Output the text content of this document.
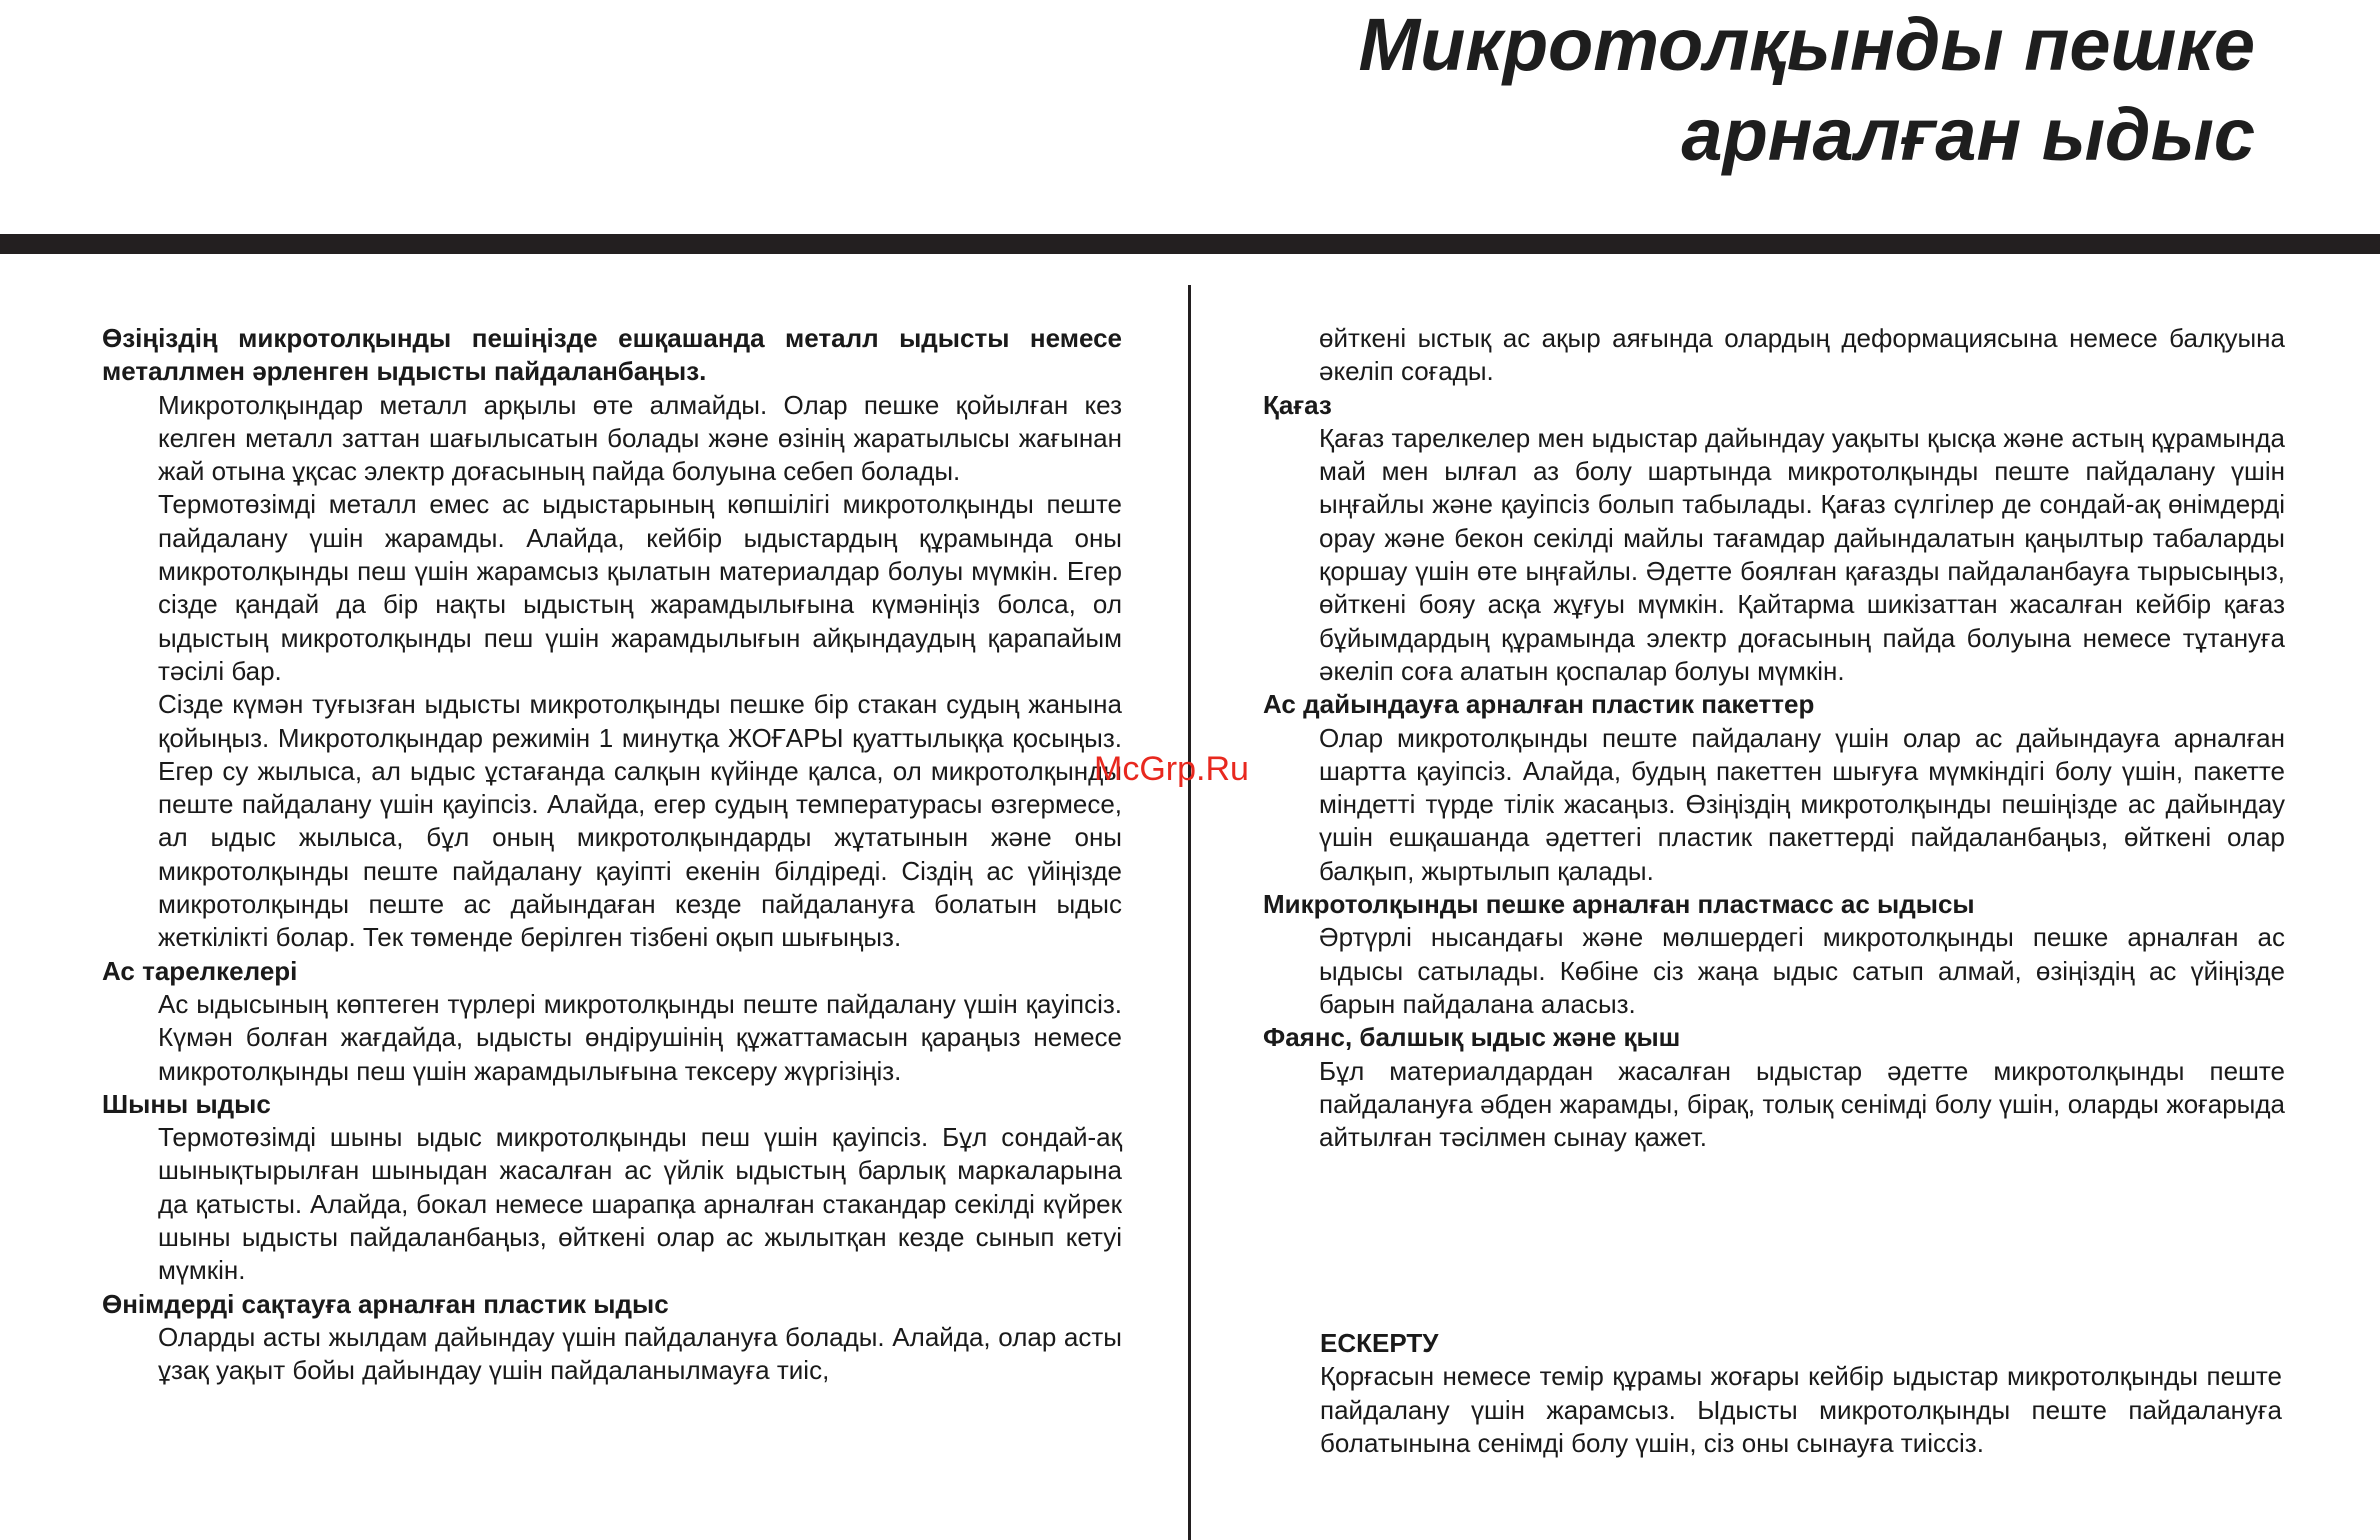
Микротолқынды пешке
арналған ыдыс
Өзіңіздің микротолқынды пешіңізде ешқашанда металл ыдысты немесе металлмен әрленген ыдысты пайдаланбаңыз.

Микротолқындар металл арқылы өте алмайды. Олар пешке қойылған кез келген металл заттан шағылысатын болады және өзінің жаратылысы жағынан жай отына ұқсас электр доғасының пайда болуына себеп болады.

Термотөзімді металл емес ас ыдыстарының көпшілігі микротолқынды пеште пайдалану үшін жарамды. Алайда, кейбір ыдыстардың құрамында оны микротолқынды пеш үшін жарамсыз қылатын материалдар болуы мүмкін. Егер сізде қандай да бір нақты ыдыстың жарамдылығына күмәніңіз болса, ол ыдыстың микротолқынды пеш үшін жарамдылығын айқындаудың қарапайым тәсілі бар.

Сізде күмән туғызған ыдысты микротолқынды пешке бір стакан судың жанына қойыңыз. Микротолқындар режимін 1 минутқа ЖОҒАРЫ қуаттылыққа қосыңыз. Егер су жылыса, ал ыдыс ұстағанда салқын күйінде қалса, ол микротолқынды пеште пайдалану үшін қауіпсіз. Алайда, егер судың температурасы өзгермесе, ал ыдыс жылыса, бұл оның микротолқындарды жұтатынын және оны микротолқынды пеште пайдалану қауіпті екенін білдіреді. Сіздің ас үйіңізде микротолқынды пеште ас дайындаған кезде пайдалануға болатын ыдыс жеткілікті болар. Тек төменде берілген тізбені оқып шығыңыз.

Ас тарелкелері

Ас ыдысының көптеген түрлері микротолқынды пеште пайдалану үшін қауіпсіз. Күмән болған жағдайда, ыдысты өндірушінің құжаттамасын қараңыз немесе микротолқынды пеш үшін жарамдылығына тексеру жүргізіңіз.

Шыны ыдыс

Термотөзімді шыны ыдыс микротолқынды пеш үшін қауіпсіз. Бұл сондай-ақ шынықтырылған шыныдан жасалған ас үйлік ыдыстың барлық маркаларына да қатысты. Алайда, бокал немесе шарапқа арналған стакандар секілді күйрек шыны ыдысты пайдаланбаңыз, өйткені олар ас жылытқан кезде сынып кетуі мүмкін.

Өнімдерді сақтауға арналған пластик ыдыс

Оларды асты жылдам дайындау үшін пайдалануға болады. Алайда, олар асты ұзақ уақыт бойы дайындау үшін пайдаланылмауға тиіс,

өйткені ыстық ас ақыр аяғында олардың деформациясына немесе балқуына әкеліп соғады.

Қағаз

Қағаз тарелкелер мен ыдыстар дайындау уақыты қысқа және астың құрамында май мен ылғал аз болу шартында микротолқынды пеште пайдалану үшін ыңғайлы және қауіпсіз болып табылады. Қағаз сүлгілер де сондай-ақ өнімдерді орау және бекон секілді майлы тағамдар дайындалатын қаңылтыр табаларды қоршау үшін өте ыңғайлы. Әдетте боялған қағазды пайдаланбауға тырысыңыз, өйткені бояу асқа жұғуы мүмкін. Қайтарма шикізаттан жасалған кейбір қағаз бұйымдардың құрамында электр доғасының пайда болуына немесе тұтануға әкеліп соға алатын қоспалар болуы мүмкін.

Ас дайындауға арналған пластик пакеттер

Олар микротолқынды пеште пайдалану үшін олар ас дайындауға арналған шартта қауіпсіз. Алайда, будың пакеттен шығуға мүмкіндігі болу үшін, пакетте міндетті түрде тілік жасаңыз. Өзіңіздің микротолқынды пешіңізде ас дайындау үшін ешқашанда әдеттегі пластик пакеттерді пайдаланбаңыз, өйткені олар балқып, жыртылып қалады.

Микротолқынды пешке арналған пластмасс ас ыдысы

Әртүрлі нысандағы және мөлшердегі микротолқынды пешке арналған ас ыдысы сатылады. Көбіне сіз жаңа ыдыс сатып алмай, өзіңіздің ас үйіңізде барын пайдалана аласыз.

Фаянс, балшық ыдыс және қыш

Бұл материалдардан жасалған ыдыстар әдетте микротолқынды пеште пайдалануға әбден жарамды, бірақ, толық сенімді болу үшін, оларды жоғарыда айтылған тәсілмен сынау қажет.

ЕСКЕРТУ

Қорғасын немесе темір құрамы жоғары кейбір ыдыстар микротолқынды пеште пайдалану үшін жарамсыз. Ыдысты микротолқынды пеште пайдалануға болатынына сенімді болу үшін, сіз оны сынауға тиіссіз.

McGrp.Ru
